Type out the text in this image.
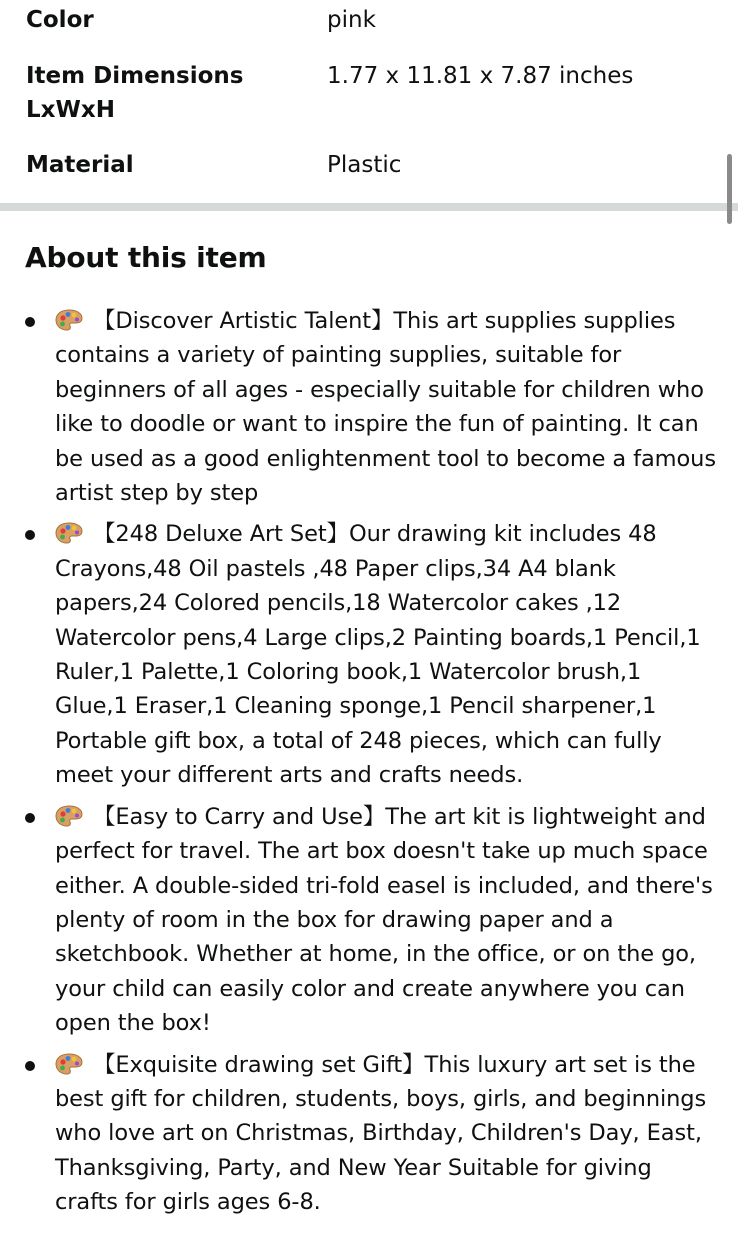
Color	pink
Item Dimensions LxWxH
1.77 x 11.81 x 7.87 inches
Material	Plastic
About this item
【Discover Artistic Talent】This art supplies supplies contains a variety of painting supplies, suitable for beginners of all ages - especially suitable for children who like to doodle or want to inspire the fun of painting. It can be used as a good enlightenment tool to become a famous artist step by step
【248 Deluxe Art Set】Our drawing kit includes 48 Crayons,48 Oil pastels ,48 Paper clips,34 A4 blank papers,24 Colored pencils,18 Watercolor cakes ,12 Watercolor pens,4 Large clips,2 Painting boards,1 Pencil,1 Ruler,1 Palette,1 Coloring book,1 Watercolor brush,1 Glue,1 Eraser,1 Cleaning sponge,1 Pencil sharpener,1 Portable gift box, a total of 248 pieces, which can fully meet your different arts and crafts needs.
【Easy to Carry and Use】The art kit is lightweight and perfect for travel. The art box doesn't take up much space either. A double-sided tri-fold easel is included, and there's plenty of room in the box for drawing paper and a sketchbook. Whether at home, in the office, or on the go, your child can easily color and create anywhere you can open the box!
【Exquisite drawing set Gift】This luxury art set is the best gift for children, students, boys, girls, and beginnings who love art on Christmas, Birthday, Children's Day, East, Thanksgiving, Party, and New Year Suitable for giving crafts for girls ages 6-8.
